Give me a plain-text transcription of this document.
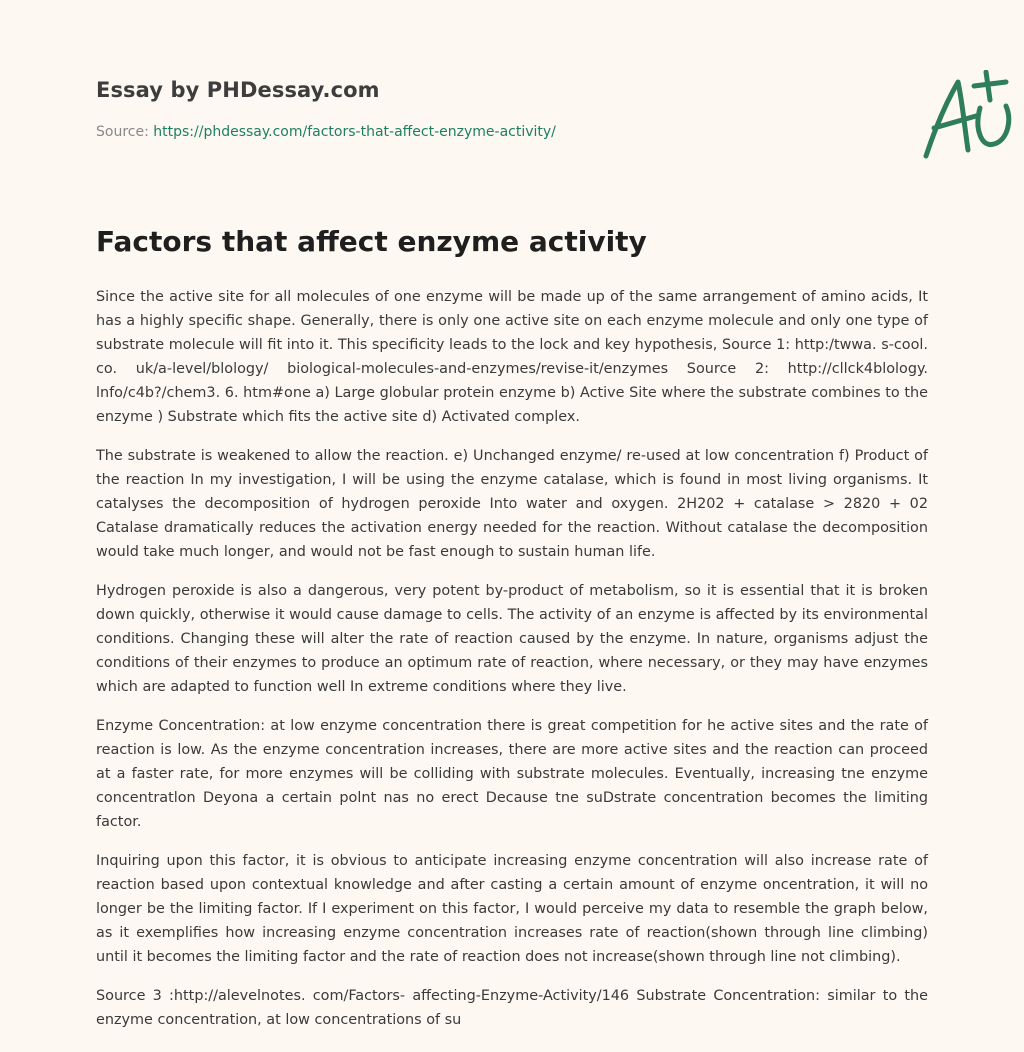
Essay by PHDessay.com
Source: https://phdessay.com/factors-that-affect-enzyme-activity/
Factors that affect enzyme activity

Since the active site for all molecules of one enzyme will be made up of the same arrangement of amino acids, It has a highly specific shape. Generally, there is only one active site on each enzyme molecule and only one type of substrate molecule will fit into it. This specificity leads to the lock and key hypothesis, Source 1: http:/twwa. s-cool. co. uk/a-level/blology/ biological-molecules-and-enzymes/revise-it/enzymes Source 2: http://cllck4blology. lnfo/c4b?/chem3. 6. htm#one a) Large globular protein enzyme b) Active Site where the substrate combines to the enzyme ) Substrate which fits the active site d) Activated complex.

The substrate is weakened to allow the reaction. e) Unchanged enzyme/ re-used at low concentration f) Product of the reaction In my investigation, I will be using the enzyme catalase, which is found in most living organisms. It catalyses the decomposition of hydrogen peroxide Into water and oxygen. 2H202 + catalase > 2820 + 02 Catalase dramatically reduces the activation energy needed for the reaction. Without catalase the decomposition would take much longer, and would not be fast enough to sustain human life.

Hydrogen peroxide is also a dangerous, very potent by-product of metabolism, so it is essential that it is broken down quickly, otherwise it would cause damage to cells. The activity of an enzyme is affected by its environmental conditions. Changing these will alter the rate of reaction caused by the enzyme. In nature, organisms adjust the conditions of their enzymes to produce an optimum rate of reaction, where necessary, or they may have enzymes which are adapted to function well In extreme conditions where they live.

Enzyme Concentration: at low enzyme concentration there is great competition for he active sites and the rate of reaction is low. As the enzyme concentration increases, there are more active sites and the reaction can proceed at a faster rate, for more enzymes will be colliding with substrate molecules. Eventually, increasing tne enzyme concentratlon Deyona a certain polnt nas no erect Decause tne suDstrate concentration becomes the limiting factor.

Inquiring upon this factor, it is obvious to anticipate increasing enzyme concentration will also increase rate of reaction based upon contextual knowledge and after casting a certain amount of enzyme oncentration, it will no longer be the limiting factor. If I experiment on this factor, I would perceive my data to resemble the graph below, as it exemplifies how increasing enzyme concentration increases rate of reaction(shown through line climbing) until it becomes the limiting factor and the rate of reaction does not increase(shown through line not climbing).

Source 3 :http://alevelnotes. com/Factors- affecting-Enzyme-Activity/146 Substrate Concentration: similar to the enzyme concentration, at low concentrations of su
